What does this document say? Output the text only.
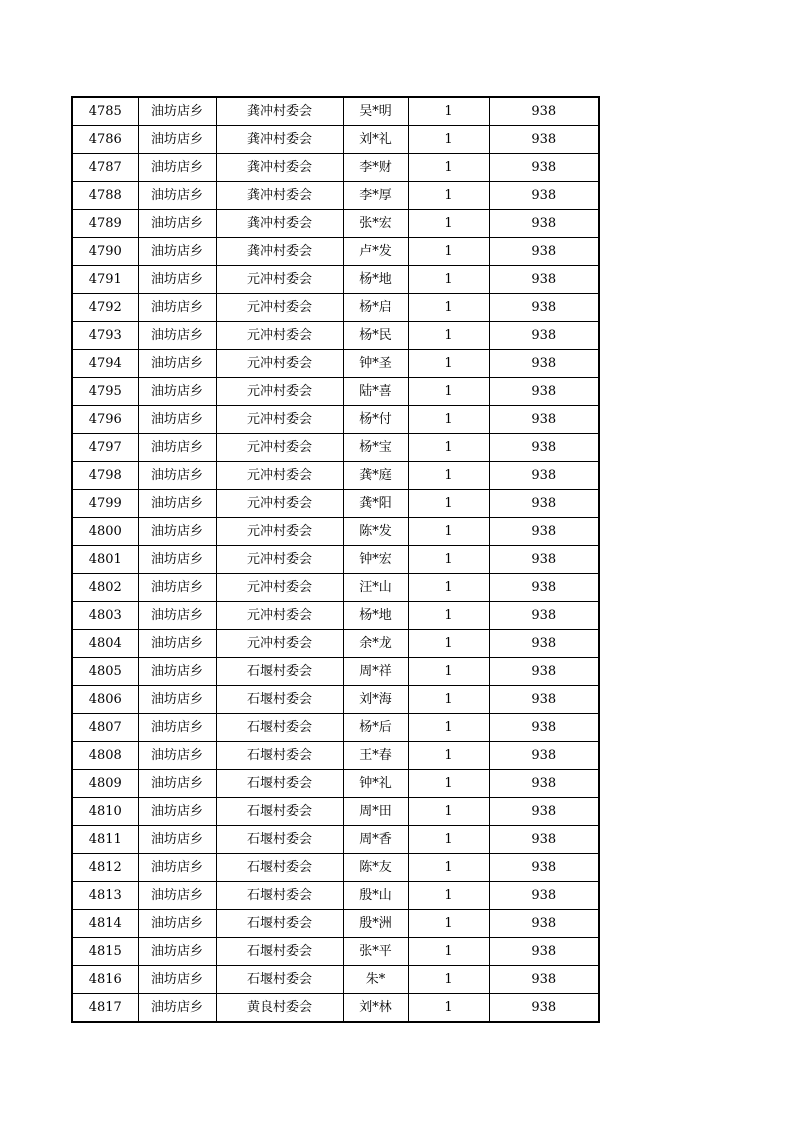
4785	油坊店乡	龚冲村委会	吴*明	1	938
4786	油坊店乡	龚冲村委会	刘*礼	1	938
4787	油坊店乡	龚冲村委会	李*财	1	938
4788	油坊店乡	龚冲村委会	李*厚	1	938
4789	油坊店乡	龚冲村委会	张*宏	1	938
4790	油坊店乡	龚冲村委会	卢*发	1	938
4791	油坊店乡	元冲村委会	杨*地	1	938
4792	油坊店乡	元冲村委会	杨*启	1	938
4793	油坊店乡	元冲村委会	杨*民	1	938
4794	油坊店乡	元冲村委会	钟*圣	1	938
4795	油坊店乡	元冲村委会	陆*喜	1	938
4796	油坊店乡	元冲村委会	杨*付	1	938
4797	油坊店乡	元冲村委会	杨*宝	1	938
4798	油坊店乡	元冲村委会	龚*庭	1	938
4799	油坊店乡	元冲村委会	龚*阳	1	938
4800	油坊店乡	元冲村委会	陈*发	1	938
4801	油坊店乡	元冲村委会	钟*宏	1	938
4802	油坊店乡	元冲村委会	汪*山	1	938
4803	油坊店乡	元冲村委会	杨*地	1	938
4804	油坊店乡	元冲村委会	余*龙	1	938
4805	油坊店乡	石堰村委会	周*祥	1	938
4806	油坊店乡	石堰村委会	刘*海	1	938
4807	油坊店乡	石堰村委会	杨*后	1	938
4808	油坊店乡	石堰村委会	王*春	1	938
4809	油坊店乡	石堰村委会	钟*礼	1	938
4810	油坊店乡	石堰村委会	周*田	1	938
4811	油坊店乡	石堰村委会	周*香	1	938
4812	油坊店乡	石堰村委会	陈*友	1	938
4813	油坊店乡	石堰村委会	殷*山	1	938
4814	油坊店乡	石堰村委会	殷*洲	1	938
4815	油坊店乡	石堰村委会	张*平	1	938
4816	油坊店乡	石堰村委会	朱*	1	938
4817	油坊店乡	黄良村委会	刘*林	1	938
